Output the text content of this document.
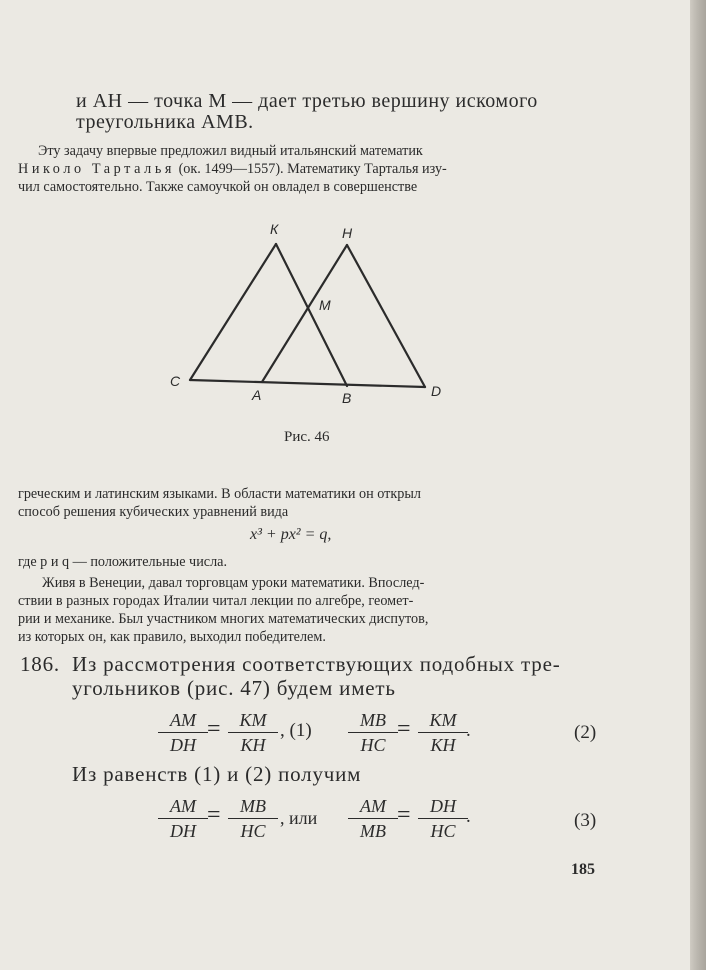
и AH — точка M — дает третью вершину искомого
треугольника AMB.
Эту задачу впервые предложил видный итальянский математик
Николо Тарталья (ок. 1499—1557). Математику Тарталья изу-
чил самостоятельно. Также самоучкой он овладел в совершенстве
К	Н
М
С
А	В	D
Рис. 46
греческим и латинским языками. В области математики он открыл
способ решения кубических уравнений вида
x³ + px² = q,
где p и q — положительные числа.
Живя в Венеции, давал торговцам уроки математики. Впослед-
ствии в разных городах Италии читал лекции по алгебре, геомет-
рии и механике. Был участником многих математических диспутов,
из которых он, как правило, выходил победителем.
186. Из рассмотрения соответствующих подобных тре-
угольников (рис. 47) будем иметь
$\frac{AM}{DH} = \frac{KM}{KH}$ , $(1) \frac{MB}{HC} = \frac{KM}{KH}$
.	(2)
Из равенств (1) и (2) получим
$\frac{AM}{DH} = \frac{MB}{HC}$ , или $\frac{AM}{MB} = \frac{DH}{HC}$
.	(3)
185
